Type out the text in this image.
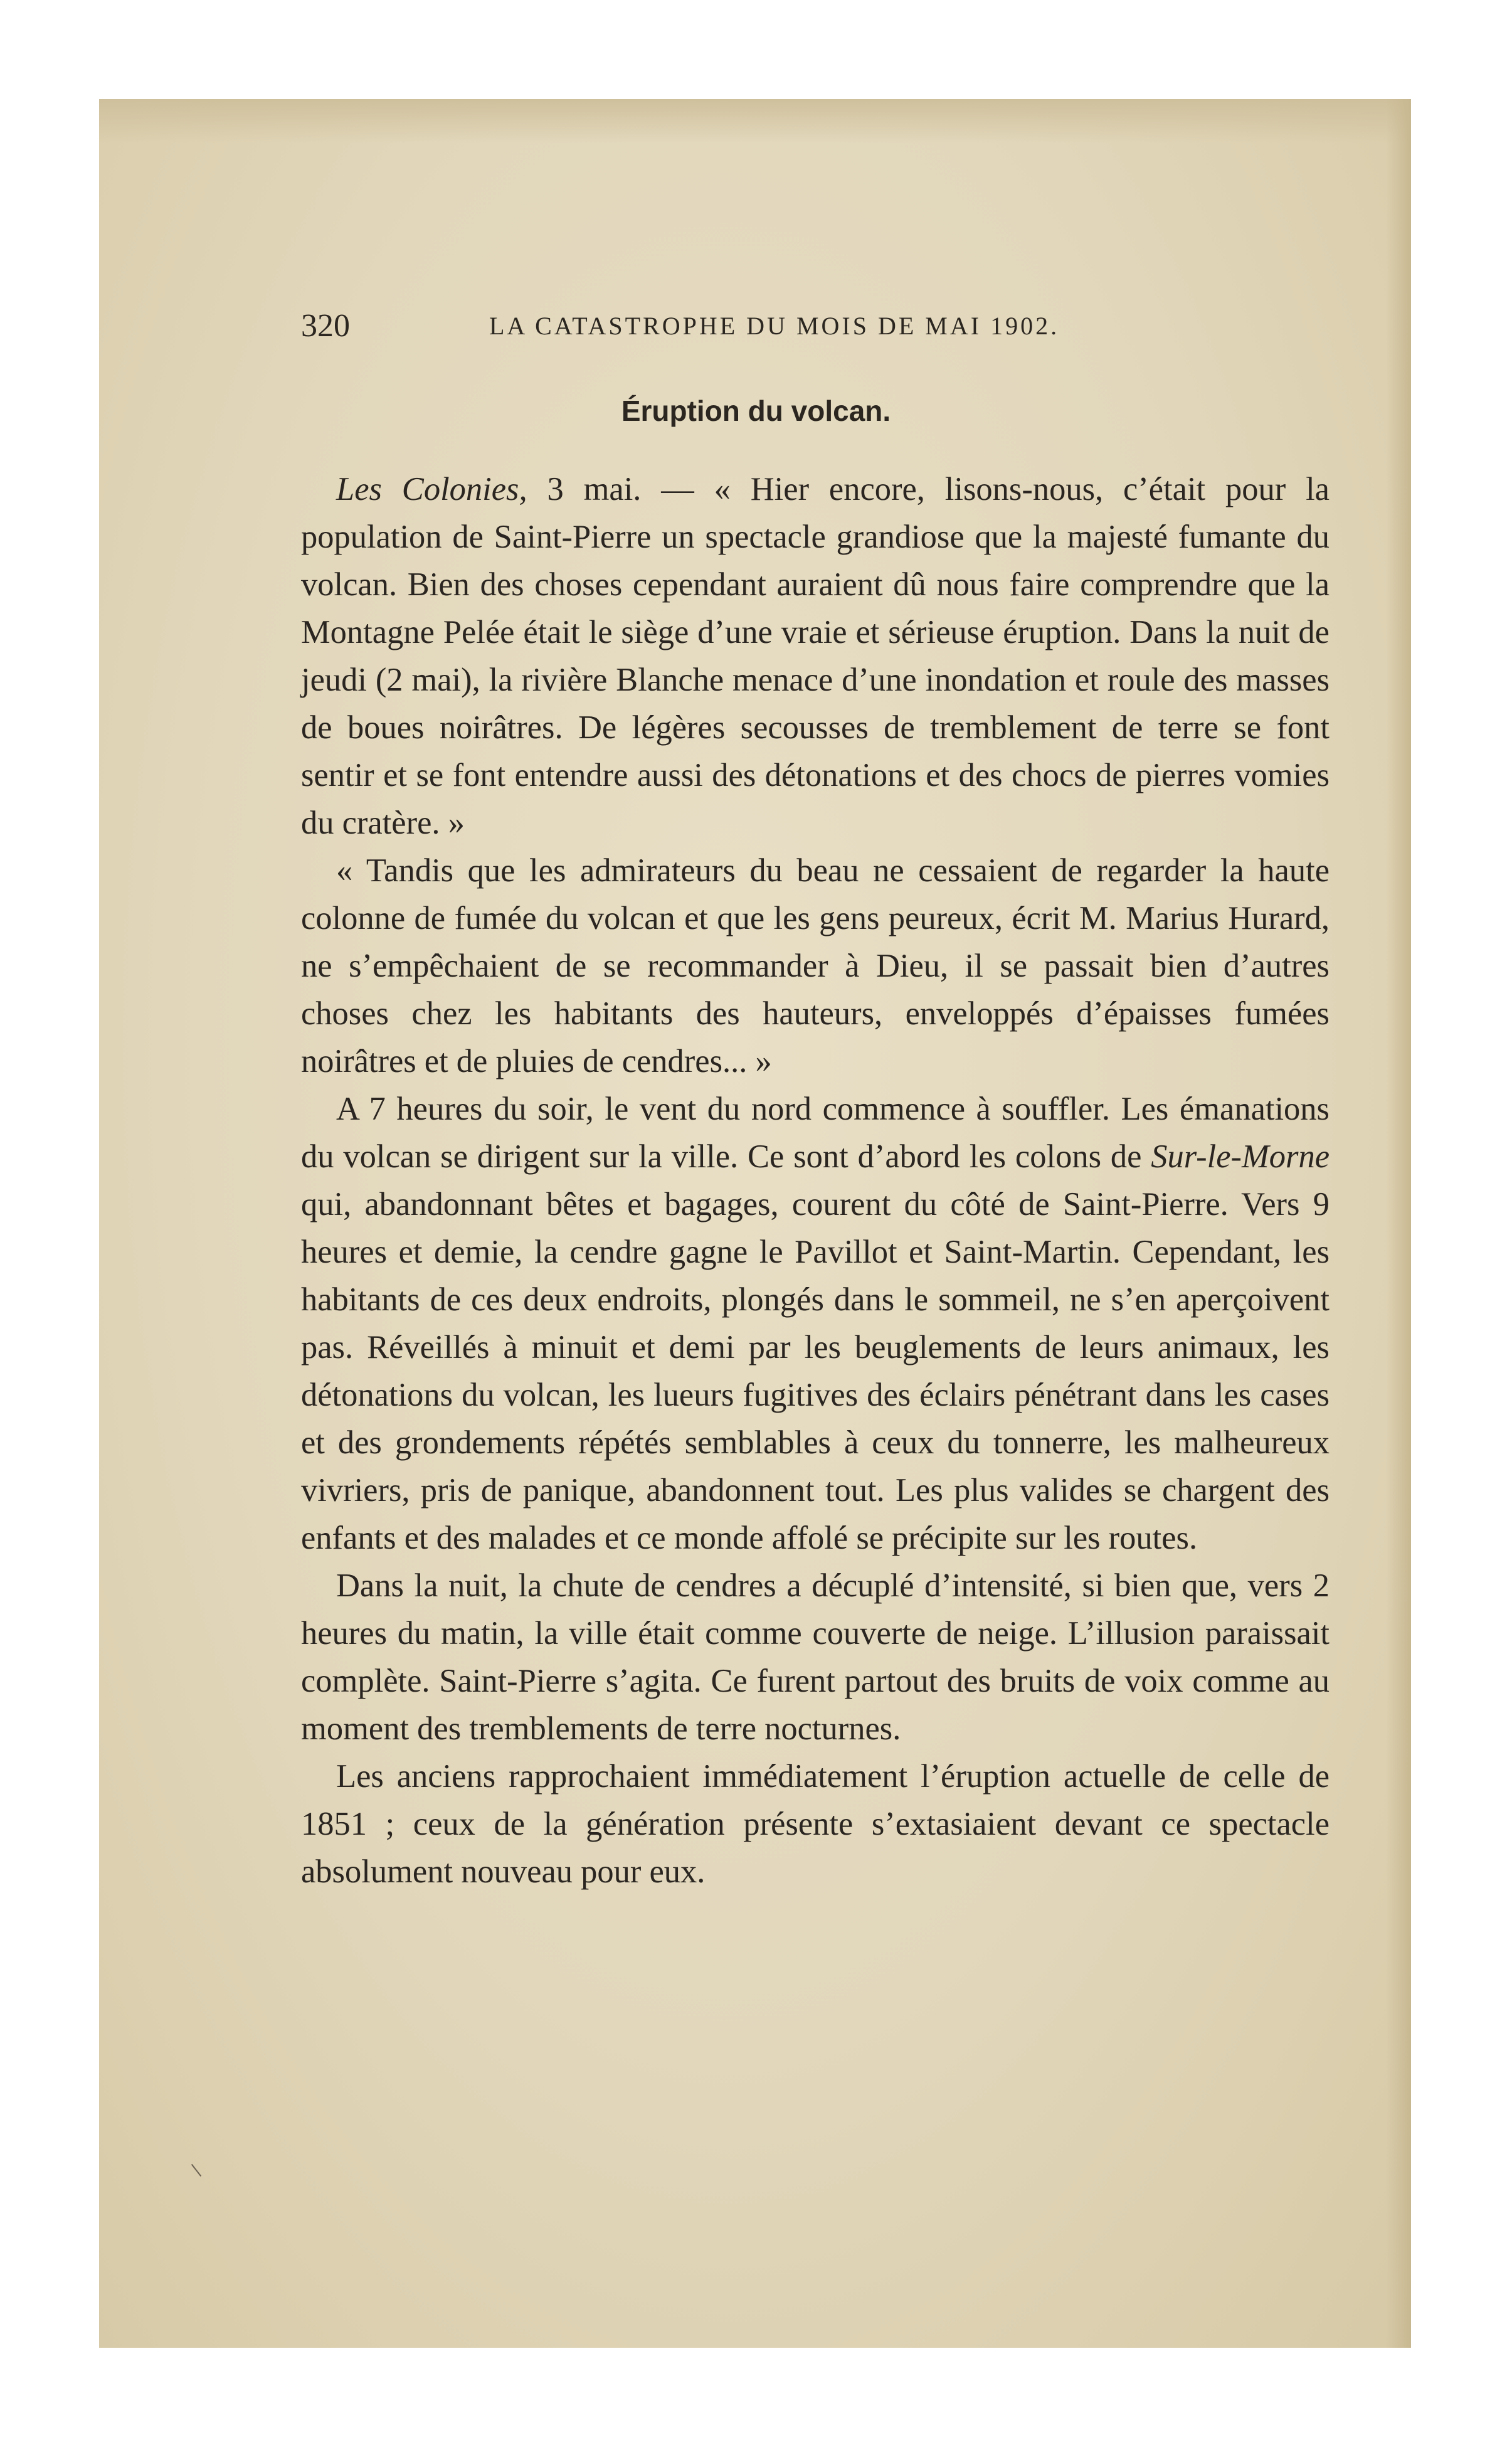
320	LA CATASTROPHE DU MOIS DE MAI 1902.
Éruption du volcan.

Les Colonies, 3 mai. — « Hier encore, lisons-nous, c’était pour la population de Saint-Pierre un spectacle grandiose que la majesté fumante du volcan. Bien des choses cependant auraient dû nous faire comprendre que la Montagne Pelée était le siège d’une vraie et sérieuse éruption. Dans la nuit de jeudi (2 mai), la rivière Blanche menace d’une inondation et roule des masses de boues noirâtres. De légères secousses de tremblement de terre se font sentir et se font entendre aussi des détonations et des chocs de pierres vomies du cratère. »

« Tandis que les admirateurs du beau ne cessaient de regarder la haute colonne de fumée du volcan et que les gens peureux, écrit M. Marius Hurard, ne s’empêchaient de se recommander à Dieu, il se passait bien d’autres choses chez les habitants des hauteurs, enveloppés d’épaisses fumées noirâtres et de pluies de cendres... »

A 7 heures du soir, le vent du nord commence à souffler. Les émanations du volcan se dirigent sur la ville. Ce sont d’abord les colons de Sur-le-Morne qui, abandonnant bêtes et bagages, courent du côté de Saint-Pierre. Vers 9 heures et demie, la cendre gagne le Pavillot et Saint-Martin. Cependant, les habitants de ces deux endroits, plongés dans le sommeil, ne s’en aperçoivent pas. Réveillés à minuit et demi par les beuglements de leurs animaux, les détonations du volcan, les lueurs fugitives des éclairs pénétrant dans les cases et des grondements répétés semblables à ceux du tonnerre, les malheureux vivriers, pris de panique, abandonnent tout. Les plus valides se chargent des enfants et des malades et ce monde affolé se précipite sur les routes.

Dans la nuit, la chute de cendres a décuplé d’intensité, si bien que, vers 2 heures du matin, la ville était comme couverte de neige. L’illusion paraissait complète. Saint-Pierre s’agita. Ce furent partout des bruits de voix comme au moment des tremblements de terre nocturnes.

Les anciens rapprochaient immédiatement l’éruption actuelle de celle de 1851 ; ceux de la génération présente s’extasiaient devant ce spectacle absolument nouveau pour eux.
